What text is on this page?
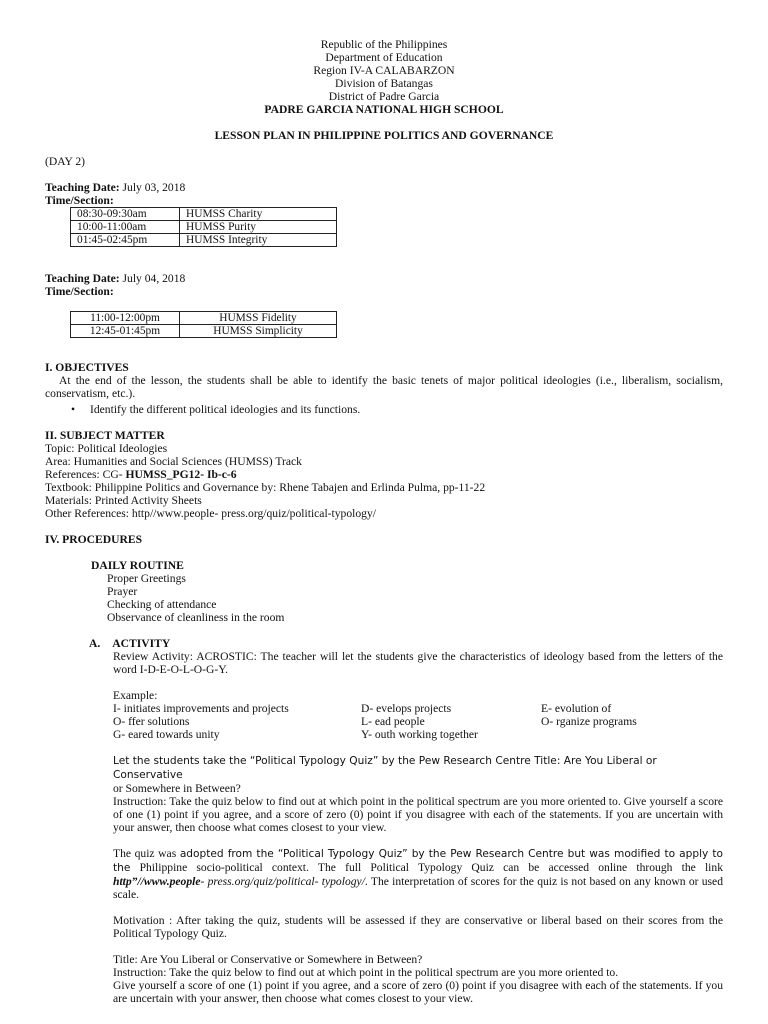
Republic of the Philippines

Department of Education

Region IV-A CALABARZON

Division of Batangas

District of Padre Garcia

PADRE GARCIA NATIONAL HIGH SCHOOL

LESSON PLAN IN PHILIPPINE POLITICS AND GOVERNANCE

(DAY 2)

Teaching Date: July 03, 2018

Time/Section:

08:30-09:30am	HUMSS Charity
10:00-11:00am	HUMSS Purity
01:45-02:45pm	HUMSS Integrity

Teaching Date: July 04, 2018

Time/Section:

11:00-12:00pm	HUMSS Fidelity
12:45-01:45pm	HUMSS Simplicity

I. OBJECTIVES

At the end of the lesson, the students shall be able to identify the basic tenets of major political ideologies (i.e., liberalism, socialism, conservatism, etc.).

• Identify the different political ideologies and its functions.

II. SUBJECT MATTER

Topic: Political Ideologies

Area: Humanities and Social Sciences (HUMSS) Track

References: CG- HUMSS_PG12- Ib-c-6

Textbook: Philippine Politics and Governance by: Rhene Tabajen and Erlinda Pulma, pp-11-22

Materials: Printed Activity Sheets

Other References: http//www.people- press.org/quiz/political-typology/

IV. PROCEDURES

DAILY ROUTINE

Proper Greetings

Prayer

Checking of attendance

Observance of cleanliness in the room

A. ACTIVITY

Review Activity: ACROSTIC: The teacher will let the students give the characteristics of ideology based from the letters of the word I-D-E-O-L-O-G-Y.

Example:

I- initiates improvements and projects	D- evelops projects	E- evolution of
O- ffer solutions	L- ead people	O- rganize programs
G- eared towards unity	Y- outh working together

Let the students take the “Political Typology Quiz” by the Pew Research Centre Title: Are You Liberal or Conservative

or Somewhere in Between?

Instruction: Take the quiz below to find out at which point in the political spectrum are you more oriented to. Give yourself a score of one (1) point if you agree, and a score of zero (0) point if you disagree with each of the statements. If you are uncertain with your answer, then choose what comes closest to your view.

The quiz was adopted from the “Political Typology Quiz” by the Pew Research Centre but was modified to apply to the Philippine socio-political context. The full Political Typology Quiz can be accessed online through the link http”//www.people- press.org/quiz/political- typology/. The interpretation of scores for the quiz is not based on any known or used scale.

Motivation : After taking the quiz, students will be assessed if they are conservative or liberal based on their scores from the Political Typology Quiz.

Title: Are You Liberal or Conservative or Somewhere in Between?

Instruction: Take the quiz below to find out at which point in the political spectrum are you more oriented to.

Give yourself a score of one (1) point if you agree, and a score of zero (0) point if you disagree with each of the statements. If you are uncertain with your answer, then choose what comes closest to your view.
